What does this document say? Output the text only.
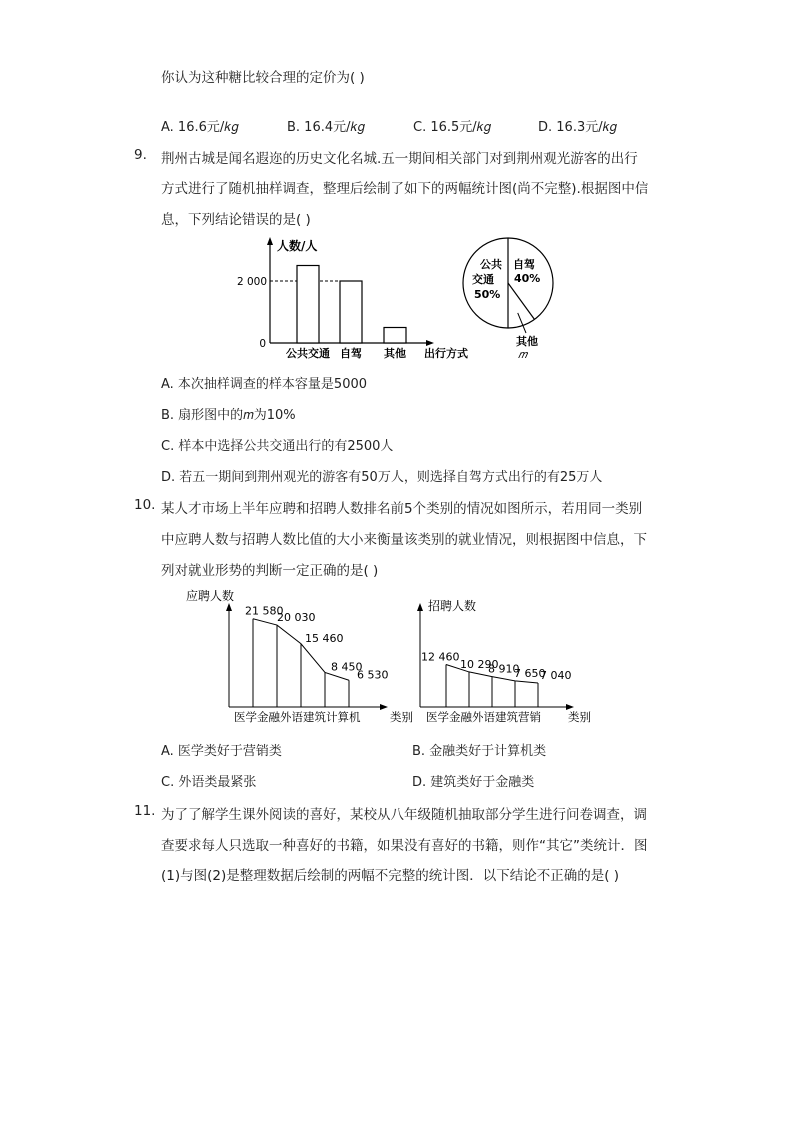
你认为这种糖比较合理的定价为( )
A. 16.6元/𝑘𝑔	B. 16.4元/𝑘𝑔	C. 16.5元/𝑘𝑔	D. 16.3元/𝑘𝑔
9. 荆州古城是闻名遐迩的历史文化名城.五一期间相关部门对到荆州观光游客的出行
方式进行了随机抽样调查，整理后绘制了如下的两幅统计图(尚不完整).根据图中信
息，下列结论错误的是( )
人数/人
2 000
0
公共交通 自驾 其他 出行方式
公共
交通
50%
自驾
40%
其他
𝑚
A. 本次抽样调查的样本容量是5000
B. 扇形图中的𝑚为10%
C. 样本中选择公共交通出行的有2500人
D. 若五一期间到荆州观光的游客有50万人，则选择自驾方式出行的有25万人
10. 某人才市场上半年应聘和招聘人数排名前5个类别的情况如图所示，若用同一类别
中应聘人数与招聘人数比值的大小来衡量该类别的就业情况，则根据图中信息，下
列对就业形势的判断一定正确的是( )
应聘人数
21 580
20 030
15 460
8 450
6 530
医学金融外语建筑计算机	类别
招聘人数
12 460
10 290
8 910
7 650
7 040
医学金融外语建筑营销 类别
A. 医学类好于营销类	B. 金融类好于计算机类
C. 外语类最紧张	D. 建筑类好于金融类
11. 为了了解学生课外阅读的喜好，某校从八年级随机抽取部分学生进行问卷调查，调
查要求每人只选取一种喜好的书籍，如果没有喜好的书籍，则作“其它”类统计．图
(1)与图(2)是整理数据后绘制的两幅不完整的统计图．以下结论不正确的是( )
